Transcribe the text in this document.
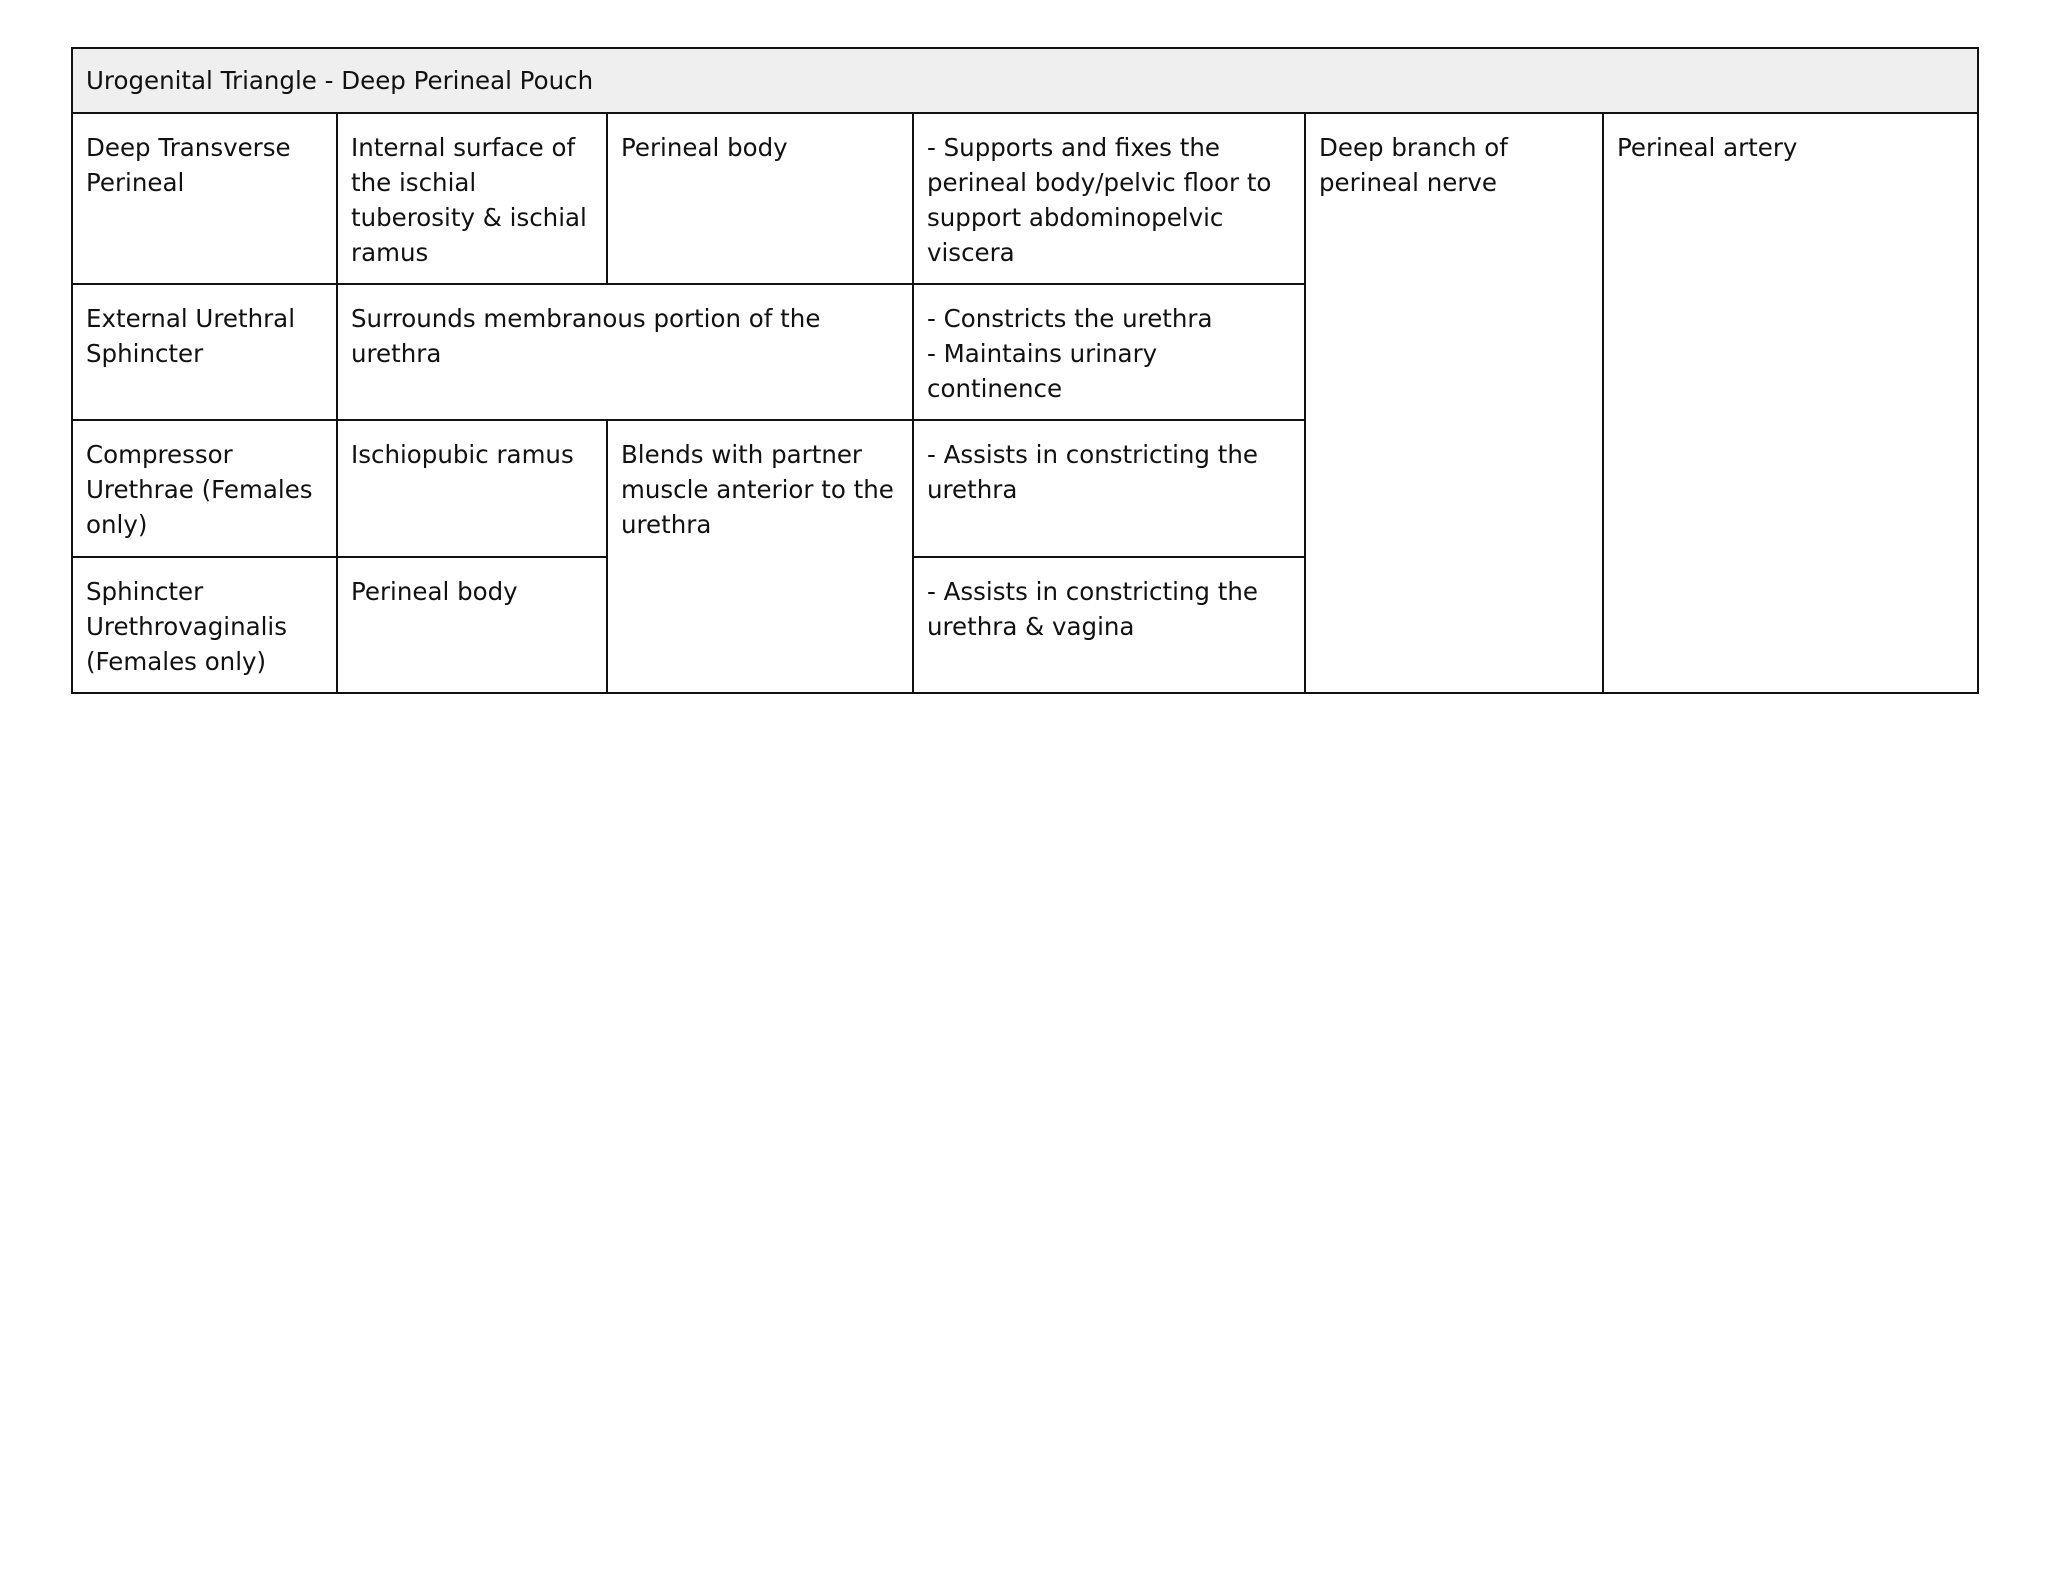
Urogenital Triangle - Deep Perineal Pouch					
Deep Transverse Perineal	Internal surface of the ischial tuberosity & ischial ramus	Perineal body	- Supports and fixes the perineal body/pelvic floor to support abdominopelvic viscera	Deep branch of perineal nerve	Perineal artery
External Urethral Sphincter	Surrounds membranous portion of the urethra		- Constricts the urethra
- Maintains urinary continence		

Compressor Urethrae (Females only)	Ischiopubic ramus	Blends with partner muscle anterior to the urethra	- Assists in constricting the urethra		

Sphincter Urethrovaginalis (Females only)	Perineal body		- Assists in constricting the urethra & vagina		
